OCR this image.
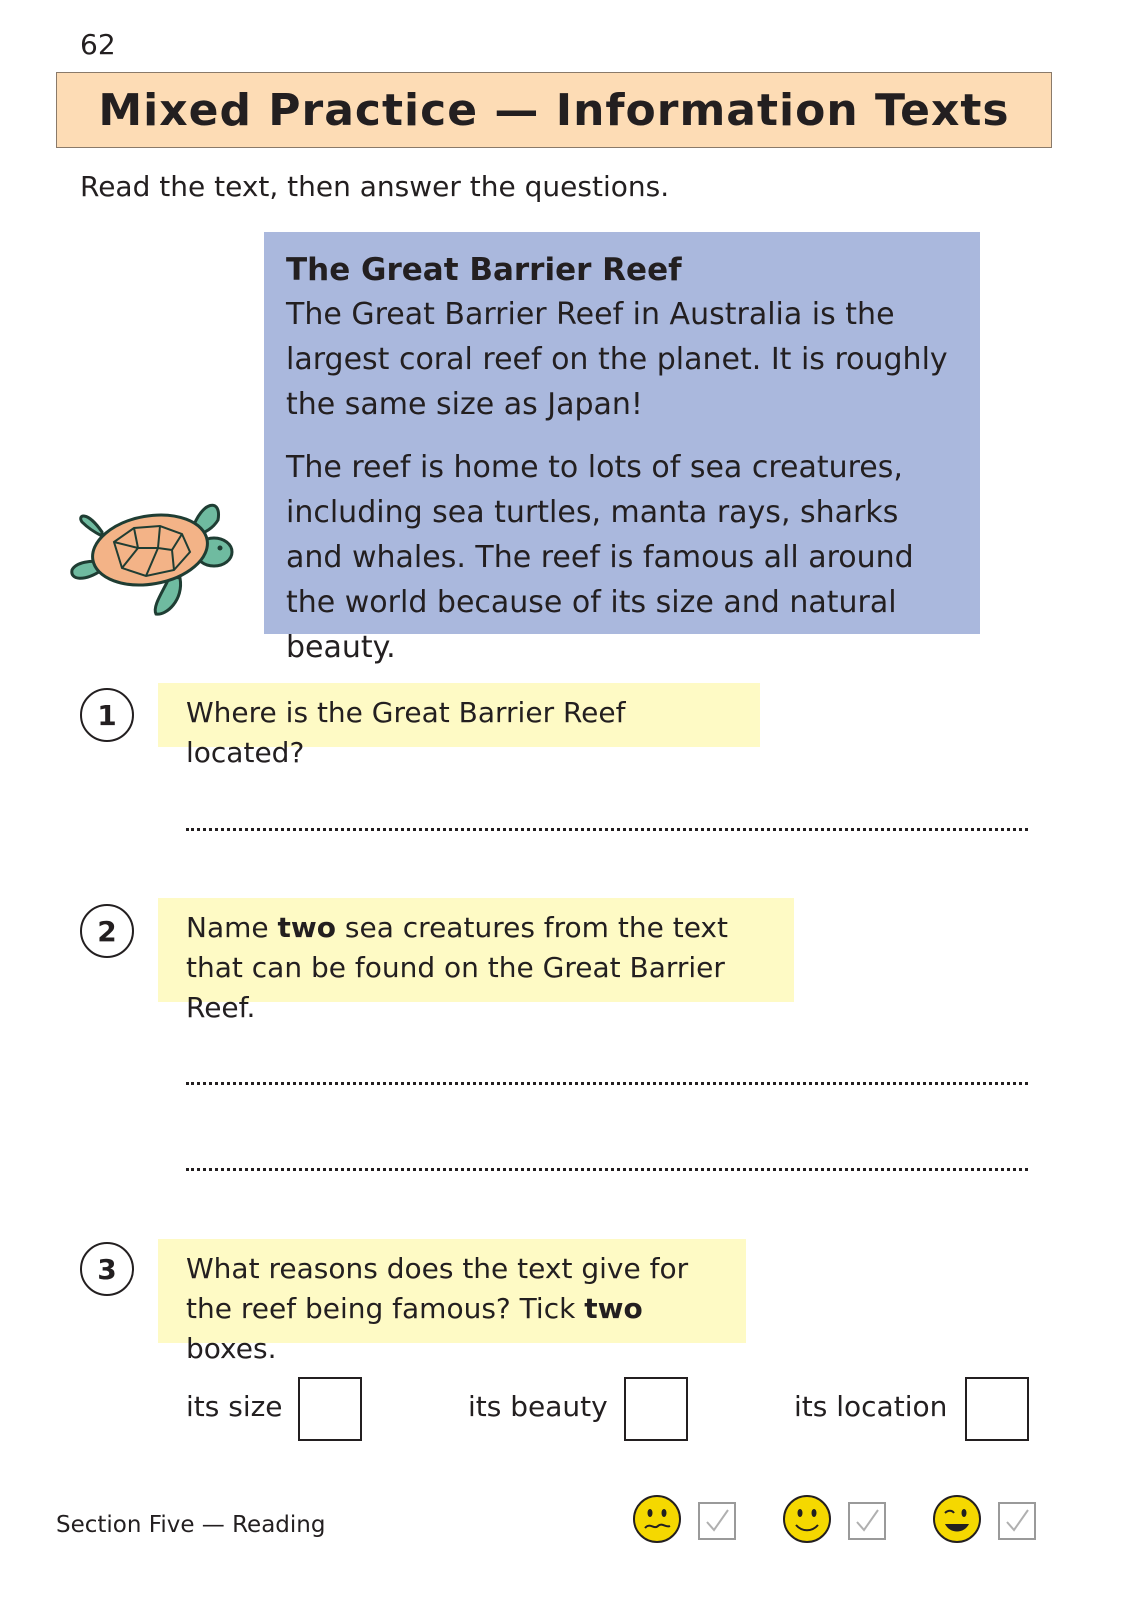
62
Mixed Practice — Information Texts
Read the text, then answer the questions.
The Great Barrier Reef

The Great Barrier Reef in Australia is the largest coral reef on the planet. It is roughly the same size as Japan!

The reef is home to lots of sea creatures, including sea turtles, manta rays, sharks and whales. The reef is famous all around the world because of its size and natural beauty.

1	Where is the Great Barrier Reef located?
2	Name two sea creatures from the text that can be found on the Great Barrier Reef.
3	What reasons does the text give for the reef being famous? Tick two boxes.
its size	its beauty	its location
Section Five — Reading
